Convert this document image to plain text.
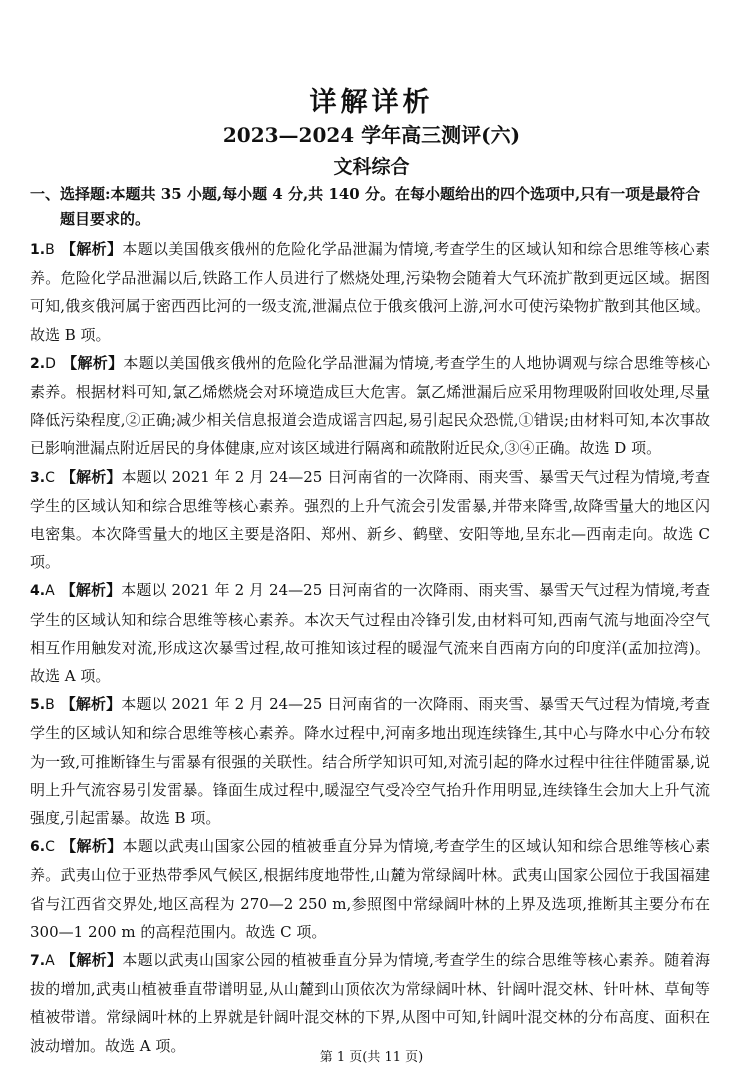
详解详析
2023—2024 学年高三测评(六)
文科综合
一、选择题:本题共 35 小题,每小题 4 分,共 140 分。在每小题给出的四个选项中,只有一项是最符合
题目要求的。
1.B 【解析】本题以美国俄亥俄州的危险化学品泄漏为情境,考查学生的区域认知和综合思维等核心素养。危险化学品泄漏以后,铁路工作人员进行了燃烧处理,污染物会随着大气环流扩散到更远区域。据图可知,俄亥俄河属于密西西比河的一级支流,泄漏点位于俄亥俄河上游,河水可使污染物扩散到其他区域。故选 B 项。
2.D 【解析】本题以美国俄亥俄州的危险化学品泄漏为情境,考查学生的人地协调观与综合思维等核心素养。根据材料可知,氯乙烯燃烧会对环境造成巨大危害。氯乙烯泄漏后应采用物理吸附回收处理,尽量降低污染程度,②正确;减少相关信息报道会造成谣言四起,易引起民众恐慌,①错误;由材料可知,本次事故已影响泄漏点附近居民的身体健康,应对该区域进行隔离和疏散附近民众,③④正确。故选 D 项。
3.C 【解析】本题以 2021 年 2 月 24—25 日河南省的一次降雨、雨夹雪、暴雪天气过程为情境,考查学生的区域认知和综合思维等核心素养。强烈的上升气流会引发雷暴,并带来降雪,故降雪量大的地区闪电密集。本次降雪量大的地区主要是洛阳、郑州、新乡、鹤壁、安阳等地,呈东北—西南走向。故选 C 项。
4.A 【解析】本题以 2021 年 2 月 24—25 日河南省的一次降雨、雨夹雪、暴雪天气过程为情境,考查学生的区域认知和综合思维等核心素养。本次天气过程由冷锋引发,由材料可知,西南气流与地面冷空气相互作用触发对流,形成这次暴雪过程,故可推知该过程的暖湿气流来自西南方向的印度洋(孟加拉湾)。故选 A 项。
5.B 【解析】本题以 2021 年 2 月 24—25 日河南省的一次降雨、雨夹雪、暴雪天气过程为情境,考查学生的区域认知和综合思维等核心素养。降水过程中,河南多地出现连续锋生,其中心与降水中心分布较为一致,可推断锋生与雷暴有很强的关联性。结合所学知识可知,对流引起的降水过程中往往伴随雷暴,说明上升气流容易引发雷暴。锋面生成过程中,暖湿空气受冷空气抬升作用明显,连续锋生会加大上升气流强度,引起雷暴。故选 B 项。
6.C 【解析】本题以武夷山国家公园的植被垂直分异为情境,考查学生的区域认知和综合思维等核心素养。武夷山位于亚热带季风气候区,根据纬度地带性,山麓为常绿阔叶林。武夷山国家公园位于我国福建省与江西省交界处,地区高程为 270—2 250 m,参照图中常绿阔叶林的上界及选项,推断其主要分布在 300—1 200 m 的高程范围内。故选 C 项。
7.A 【解析】本题以武夷山国家公园的植被垂直分异为情境,考查学生的综合思维等核心素养。随着海拔的增加,武夷山植被垂直带谱明显,从山麓到山顶依次为常绿阔叶林、针阔叶混交林、针叶林、草甸等植被带谱。常绿阔叶林的上界就是针阔叶混交林的下界,从图中可知,针阔叶混交林的分布高度、面积在波动增加。故选 A 项。
第 1 页(共 11 页)
